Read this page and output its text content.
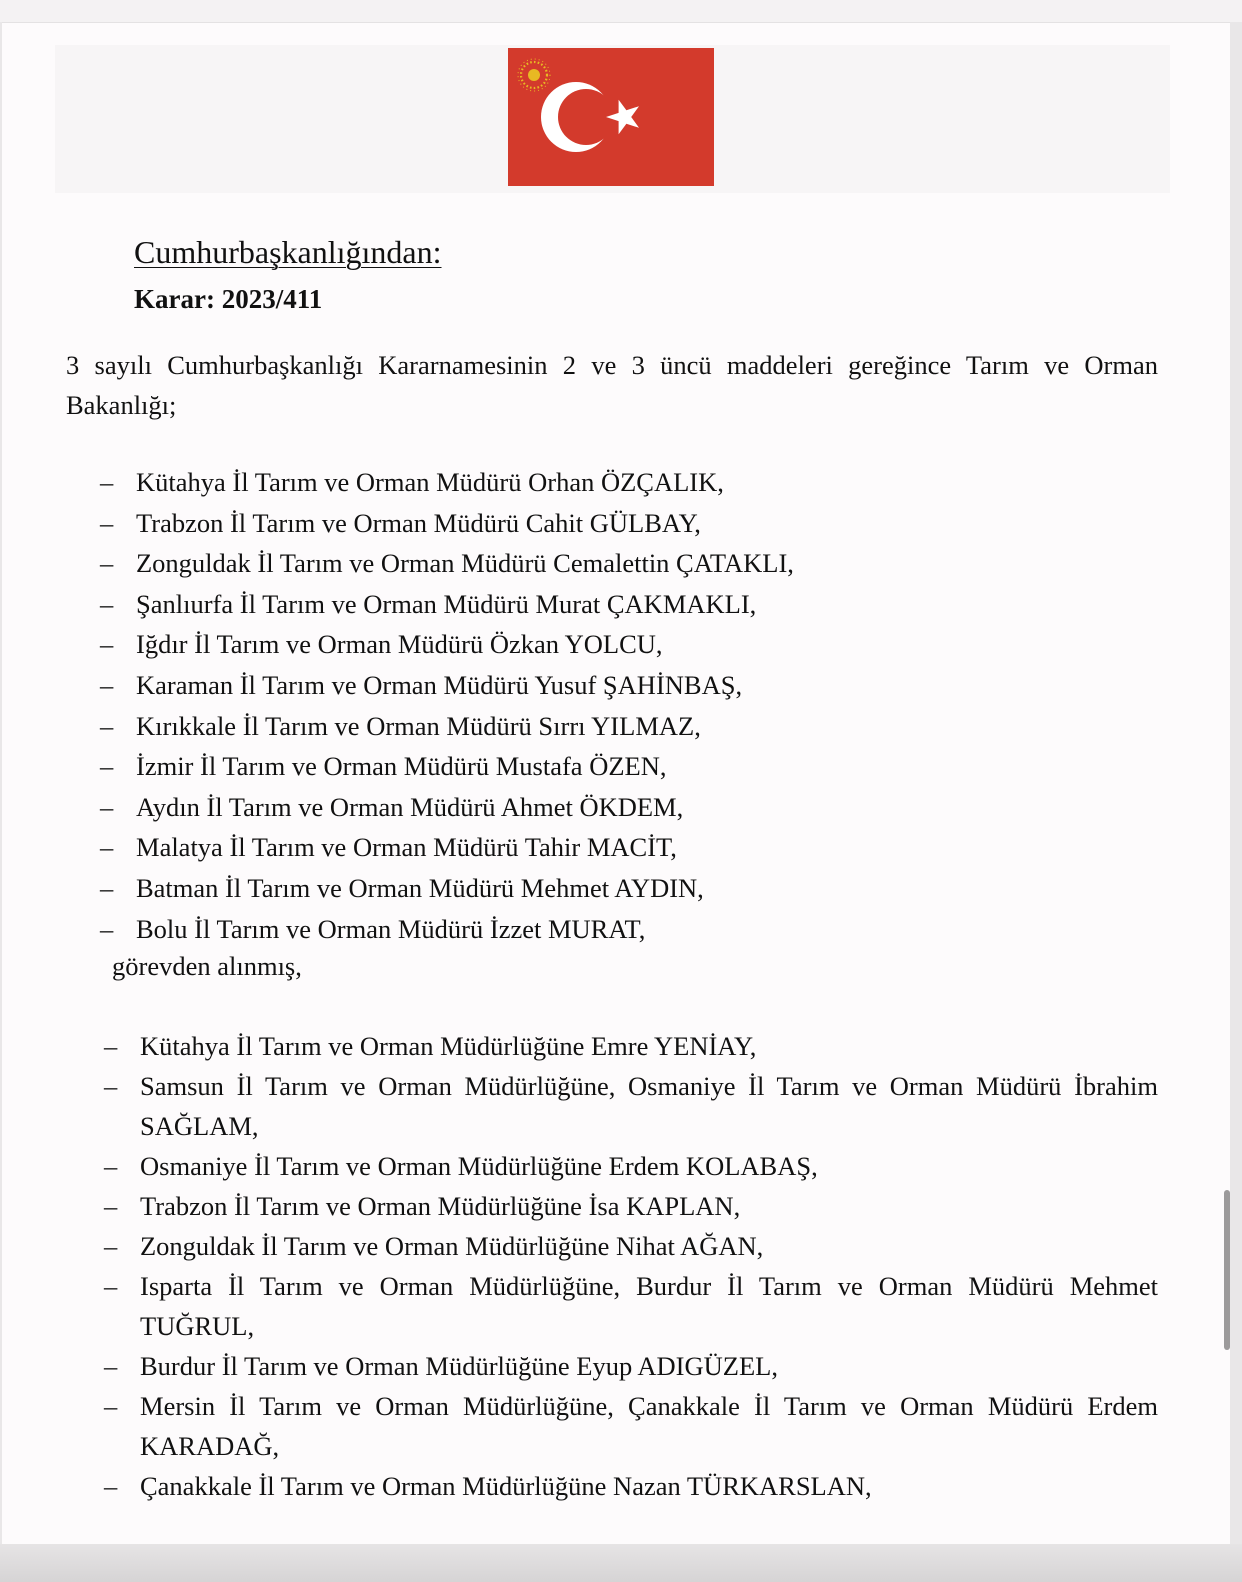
Cumhurbaşkanlığından:
Karar: 2023/411

3 sayılı Cumhurbaşkanlığı Kararnamesinin 2 ve 3 üncü maddeleri gereğince Tarım ve Orman Bakanlığı;

– Kütahya İl Tarım ve Orman Müdürü Orhan ÖZÇALIK,
– Trabzon İl Tarım ve Orman Müdürü Cahit GÜLBAY,
– Zonguldak İl Tarım ve Orman Müdürü Cemalettin ÇATAKLI,
– Şanlıurfa İl Tarım ve Orman Müdürü Murat ÇAKMAKLI,
– Iğdır İl Tarım ve Orman Müdürü Özkan YOLCU,
– Karaman İl Tarım ve Orman Müdürü Yusuf ŞAHİNBAŞ,
– Kırıkkale İl Tarım ve Orman Müdürü Sırrı YILMAZ,
– İzmir İl Tarım ve Orman Müdürü Mustafa ÖZEN,
– Aydın İl Tarım ve Orman Müdürü Ahmet ÖKDEM,
– Malatya İl Tarım ve Orman Müdürü Tahir MACİT,
– Batman İl Tarım ve Orman Müdürü Mehmet AYDIN,
– Bolu İl Tarım ve Orman Müdürü İzzet MURAT,
görevden alınmış,
– Kütahya İl Tarım ve Orman Müdürlüğüne Emre YENİAY,
– Samsun İl Tarım ve Orman Müdürlüğüne, Osmaniye İl Tarım ve Orman Müdürü İbrahim SAĞLAM,
– Osmaniye İl Tarım ve Orman Müdürlüğüne Erdem KOLABAŞ,
– Trabzon İl Tarım ve Orman Müdürlüğüne İsa KAPLAN,
– Zonguldak İl Tarım ve Orman Müdürlüğüne Nihat AĞAN,
– Isparta İl Tarım ve Orman Müdürlüğüne, Burdur İl Tarım ve Orman Müdürü Mehmet TUĞRUL,
– Burdur İl Tarım ve Orman Müdürlüğüne Eyup ADIGÜZEL,
– Mersin İl Tarım ve Orman Müdürlüğüne, Çanakkale İl Tarım ve Orman Müdürü Erdem KARADAĞ,
– Çanakkale İl Tarım ve Orman Müdürlüğüne Nazan TÜRKARSLAN,
